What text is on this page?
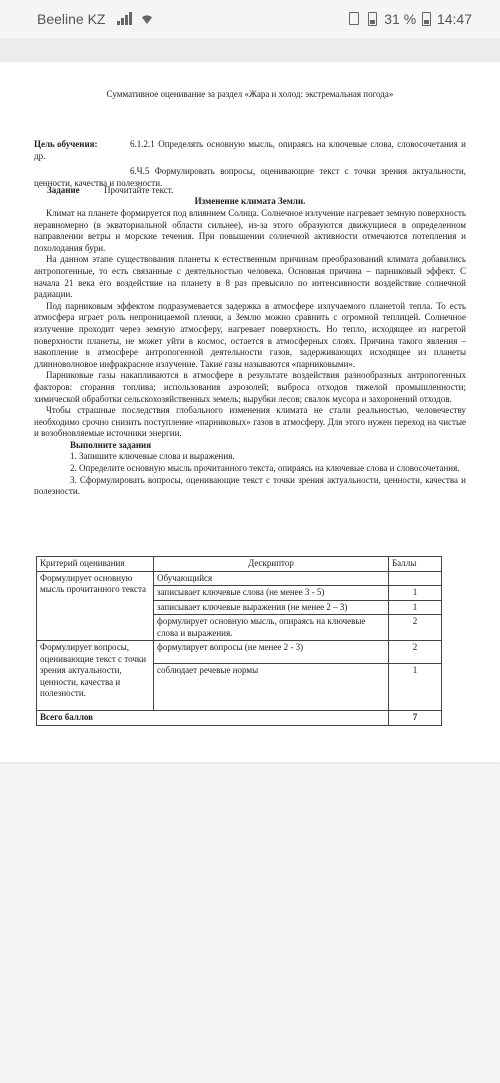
Beeline KZ	31 % 14:47
Суммативное оценивание за раздел «Жара и холод: экстремальная погода»
Цель обучения:	6.1.2.1 Определять основную мысль, опираясь на ключевые слова, словосочетания и др.
6.Ч.5 Формулировать вопросы, оценивающие текст с точки зрения актуальности, ценности, качества и полезности.
Задание	Прочитайте текст.
Изменение климата Земли.

Климат на планете формируется под влиянием Солнца. Солнечное излучение нагревает земную поверхность неравномерно (в экваториальной области сильнее), из-за этого образуются движущиеся в определенном направлении ветры и морские течения. При повышении солнечной активности отмечаются потепления и похолодания бури.

На данном этапе существования планеты к естественным причинам преобразований климата добавились антропогенные, то есть связанные с деятельностью человека. Основная причина – парниковый эффект. С начала 21 века его воздействие на планету в 8 раз превысило по интенсивности воздействие солнечной радиации.

Под парниковым эффектом подразумевается задержка в атмосфере излучаемого планетой тепла. То есть атмосфера играет роль непроницаемой пленки, а Землю можно сравнить с огромной теплицей. Солнечное излучение проходит через земную атмосферу, нагревает поверхность. Но тепло, исходящее из нагретой поверхности планеты, не может уйти в космос, остается в атмосферных слоях. Причина такого явления – накопление в атмосфере антропогенной деятельности газов, задерживающих исходящее из планеты длинноволновое инфракрасное излучение. Такие газы называются «парниковыми».

Парниковые газы накапливаются в атмосфере в результате воздействия разнообразных антропогенных факторов: сгорания топлива; использования аэрозолей; выброса отходов тяжелой промышленности; химической обработки сельскохозяйственных земель; вырубки лесов; свалок мусора и захоронений отходов.

Чтобы страшные последствия глобального изменения климата не стали реальностью, человечеству необходимо срочно снизить поступление «парниковых» газов в атмосферу. Для этого нужен переход на чистые и возобновляемые источники энергии.

Выполните задания

1. Запишите ключевые слова и выражения.

2. Определите основную мысль прочитанного текста, опираясь на ключевые слова и словосочетания.

3. Сформулировать вопросы, оценивающие текст с точки зрения актуальности, ценности, качества и полезности.

Критерий оценивания	Дескриптор	Баллы
Формулирует основную мысль прочитанного текста	Обучающийся	
	записывает ключевые слова (не менее 3 - 5)	1
	записывает ключевые выражения (не менее 2 – 3)	1
	формулирует основную мысль, опираясь на ключевые слова и выражения.	2
Формулирует вопросы, оценивающие текст с точки зрения актуальности, ценности, качества и полезности.	формулирует вопросы (не менее 2 - 3)	2
	соблюдает речевые нормы	1
Всего баллов		7
